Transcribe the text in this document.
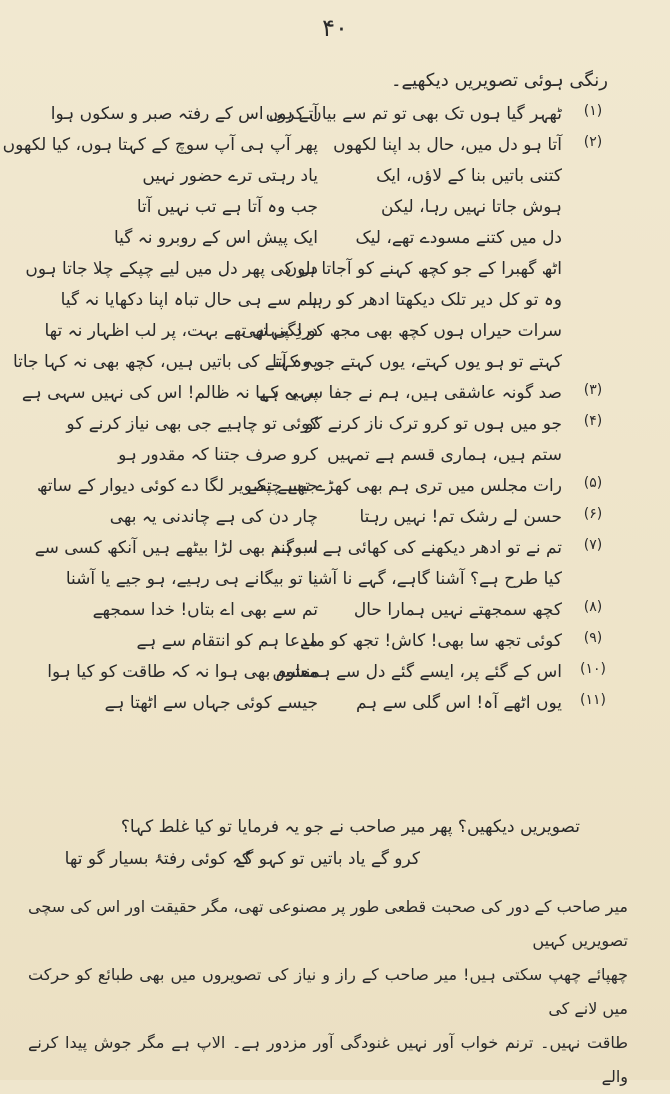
۴۰
رنگی ہوئی تصویریں دیکھیے۔
(۱)
ٹھہر گیا ہوں تک بھی تو تم سے بیاں کروں
آتے ہی اس کے رفتہ صبر و سکوں ہوا
(۲)
آتا ہو دل میں، حال بد اپنا لکھوں
پھر آپ ہی آپ سوچ کے کہتا ہوں، کیا لکھوں
کتنی باتیں بنا کے لاؤں، ایک
یاد رہتی ترے حضور نہیں
ہوش جاتا نہیں رہا، لیکن
جب وہ آتا ہے تب نہیں آتا
دل میں کتنے مسودے تھے، لیک
ایک پیش اس کے روبرو نہ گیا
اٹھ گھبرا کے جو کچھ کہنے کو آجاتا ہوں
دل کی پھر دل میں لیے چپکے چلا جاتا ہوں
وہ تو کل دیر تلک دیکھتا ادھر کو رہا
ہم سے ہی حال تباہ اپنا دکھایا نہ گیا
سرات حیراں ہوں کچھ بھی مجھ کو لگی تھی
دردِ پنہاں تھے بہت، پر لب اظہار نہ تھا
کہتے تو ہو یوں کہتے، یوں کہتے جو وہ آتا
یہ کہنے کی باتیں ہیں، کچھ بھی نہ کہا جاتا
(۳)
صد گونہ عاشقی ہیں، ہم نے جفا سہی ہے
پر یہ کہا نہ ظالم! اس کی نہیں سہی ہے
(۴)
جو میں ہوں تو کرو ترک ناز کرنے کو
کوئی تو چاہیے جی بھی نیاز کرنے کو
ستم ہیں، ہماری قسم ہے تمہیں
کرو صرف جتنا کہ مقدور ہو
(۵)
رات مجلس میں تری ہم بھی کھڑے تھے چپکے
جیسے تصویر لگا دے کوئی دیوار کے ساتھ
(۶)
حسن لے رشک تم! نہیں رہتا
چار دن کی ہے چاندنی یہ بھی
(۷)
تم نے تو ادھر دیکھنے کی کھائی ہے سوگند
اب ہم بھی لڑا بیٹھے ہیں آنکھ کسی سے
کیا طرح ہے؟ آشنا گاہے، گہے نا آشنا
یا تو بیگانے ہی رہیے، ہو جیے یا آشنا
(۸)
کچھ سمجھتے نہیں ہمارا حال
تم سے بھی اے بتاں! خدا سمجھے
(۹)
کوئی تجھ سا بھی! کاش! تجھ کو ملے
مدعا ہم کو انتقام سے ہے
(۱۰)
اس کے گئے پر، ایسے گئے دل سے ہمنشیں
معلوم بھی ہوا نہ کہ طاقت کو کیا ہوا
(۱۱)
یوں اٹھے آہ! اس گلی سے ہم
جیسے کوئی جہاں سے اٹھتا ہے
تصویریں دیکھیں؟ پھر میر صاحب نے جو یہ فرمایا تو کیا غلط کہا؟
کرو گے یاد باتیں تو کہو گے
کہ کوئی رفتۂ بسیار گو تھا

میر صاحب کے دور کی صحبت قطعی طور پر مصنوعی تھی، مگر حقیقت اور اس کی سچی تصویریں کہیں

چھپائے چھپ سکتی ہیں! میر صاحب کے راز و نیاز کی تصویروں میں بھی طبائع کو حرکت میں لانے کی

طاقت نہیں۔ ترنم خواب آور نہیں غنودگی آور مزدور ہے۔ الاپ ہے مگر جوش پیدا کرنے والے
